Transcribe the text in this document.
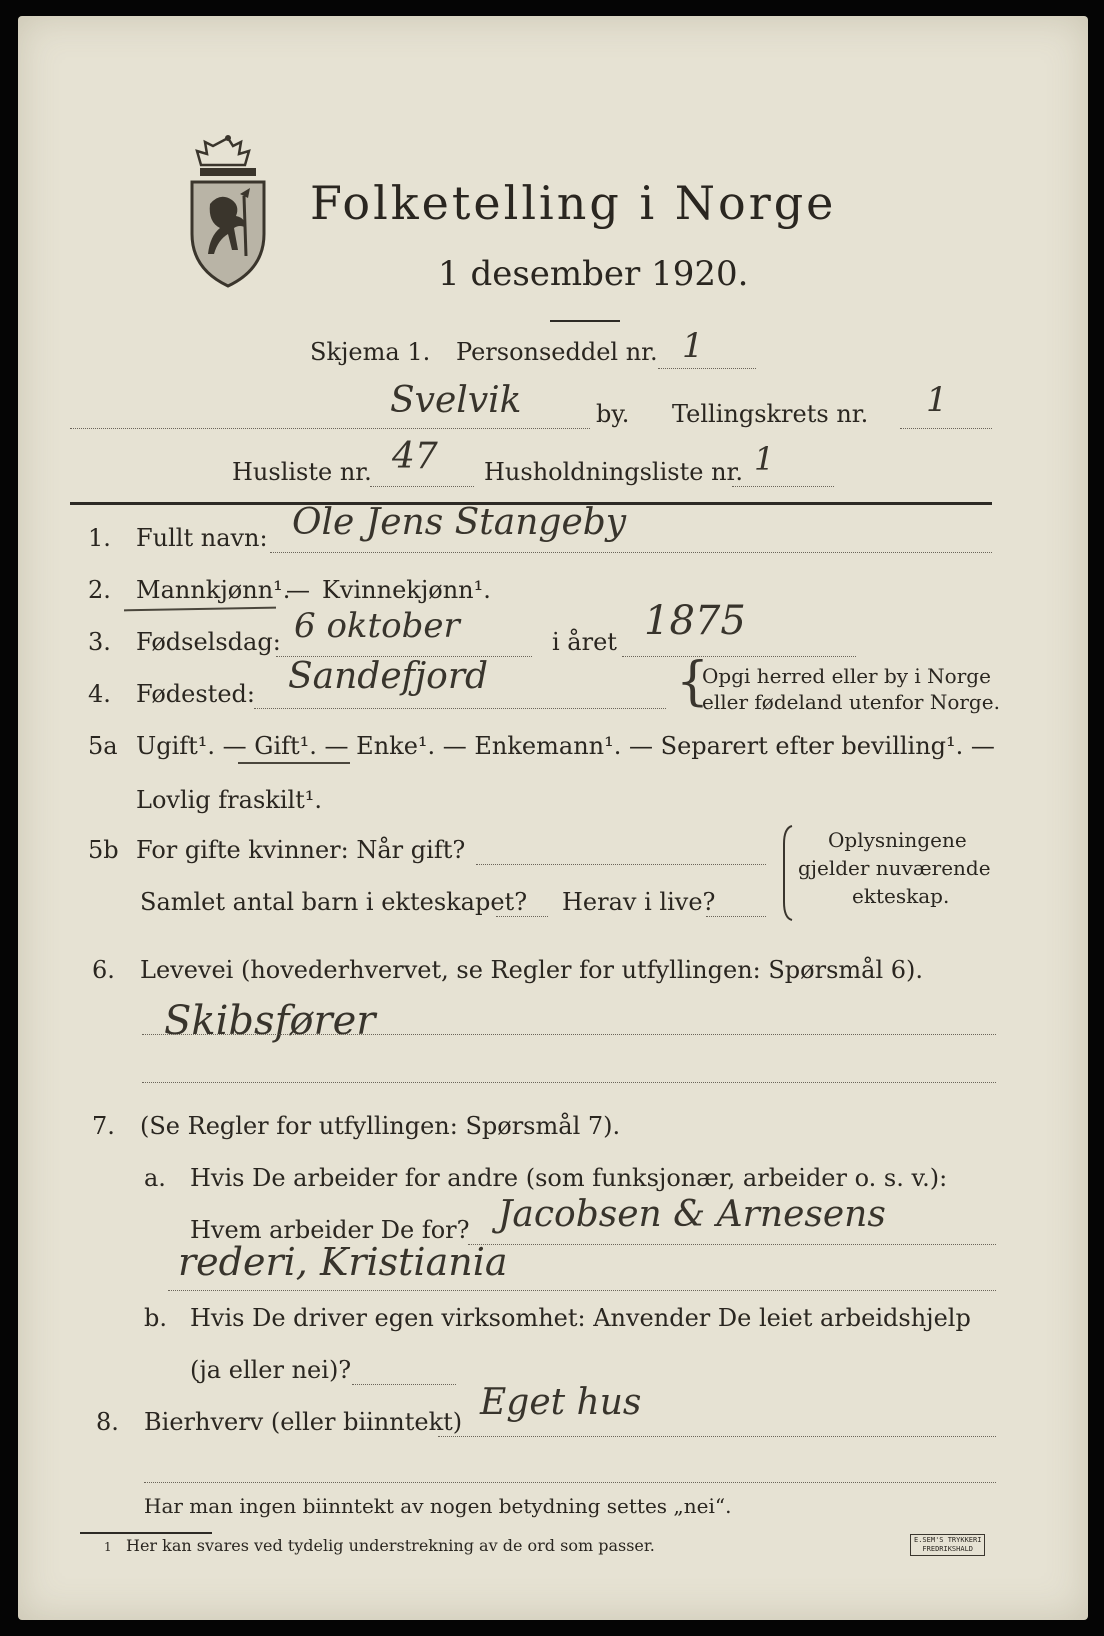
Folketelling i Norge
1 desember 1920.
Skjema 1. Personseddel nr. 1
Svelvik	by. Tellingskrets nr. 1
Husliste nr. 47 Husholdningsliste nr. 1
1. Fullt navn: Ole Jens Stangeby
2. Mannkjønn¹.
— Kvinnekjønn¹.
3. Fødselsdag: 6 oktober	i året 1875
4. Fødested: Sandefjord	{
Opgi herred eller by i Norge
eller fødeland utenfor Norge.
5a Ugift¹. — Gift¹. — Enke¹. — Enkemann¹. — Separert efter bevilling¹. —
Lovlig fraskilt¹.
5b For gifte kvinner: Når gift?
Samlet antal barn i ekteskapet? Herav i live?
Oplysningene
gjelder nuværende
ekteskap.
6. Levevei (hovederhvervet, se Regler for utfyllingen: Spørsmål 6).
Skibsfører
7. (Se Regler for utfyllingen: Spørsmål 7).
a. Hvis De arbeider for andre (som funksjonær, arbeider o. s. v.):
Hvem arbeider De for? Jacobsen & Arnesens
rederi, Kristiania
b. Hvis De driver egen virksomhet: Anvender De leiet arbeidshjelp
(ja eller nei)?
8. Bierhverv (eller biinntekt) Eget hus
Har man ingen biinntekt av nogen betydning settes „nei“.
1 Her kan svares ved tydelig understrekning av de ord som passer.	E.SEM'S TRYKKERI
FREDRIKSHALD
